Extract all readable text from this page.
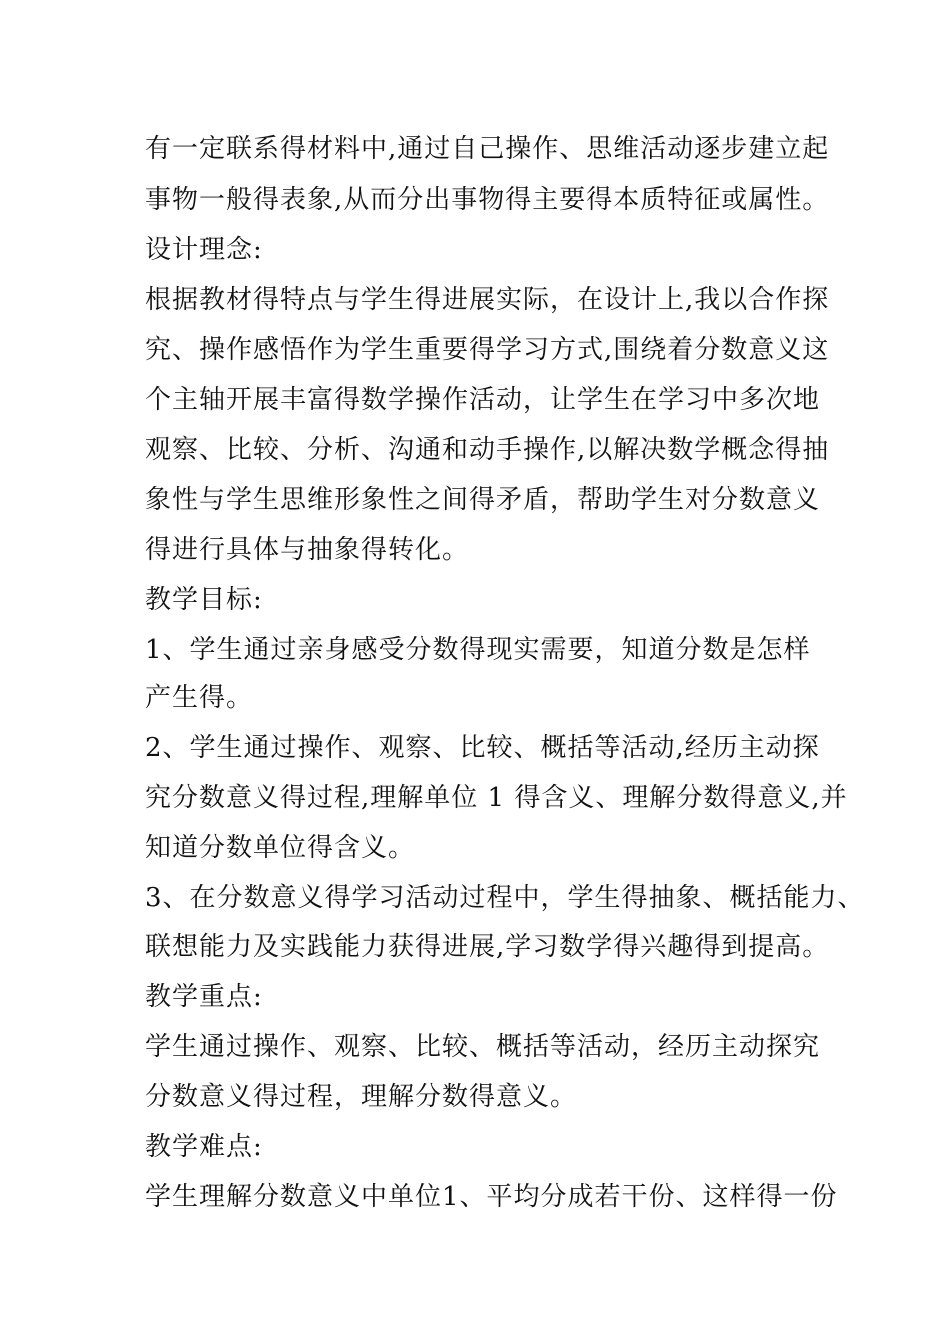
有一定联系得材料中,通过自己操作、思维活动逐步建立起
事物一般得表象,从而分出事物得主要得本质特征或属性。
设计理念:
根据教材得特点与学生得进展实际，在设计上,我以合作探
究、操作感悟作为学生重要得学习方式,围绕着分数意义这
个主轴开展丰富得数学操作活动，让学生在学习中多次地
观察、比较、分析、沟通和动手操作,以解决数学概念得抽
象性与学生思维形象性之间得矛盾，帮助学生对分数意义
得进行具体与抽象得转化。
教学目标:
1、学生通过亲身感受分数得现实需要，知道分数是怎样
产生得。
2、学生通过操作、观察、比较、概括等活动,经历主动探
究分数意义得过程,理解单位 1 得含义、理解分数得意义,并
知道分数单位得含义。
3、在分数意义得学习活动过程中，学生得抽象、概括能力、
联想能力及实践能力获得进展,学习数学得兴趣得到提高。
教学重点:
学生通过操作、观察、比较、概括等活动，经历主动探究
分数意义得过程，理解分数得意义。
教学难点:
学生理解分数意义中单位1、平均分成若干份、这样得一份
